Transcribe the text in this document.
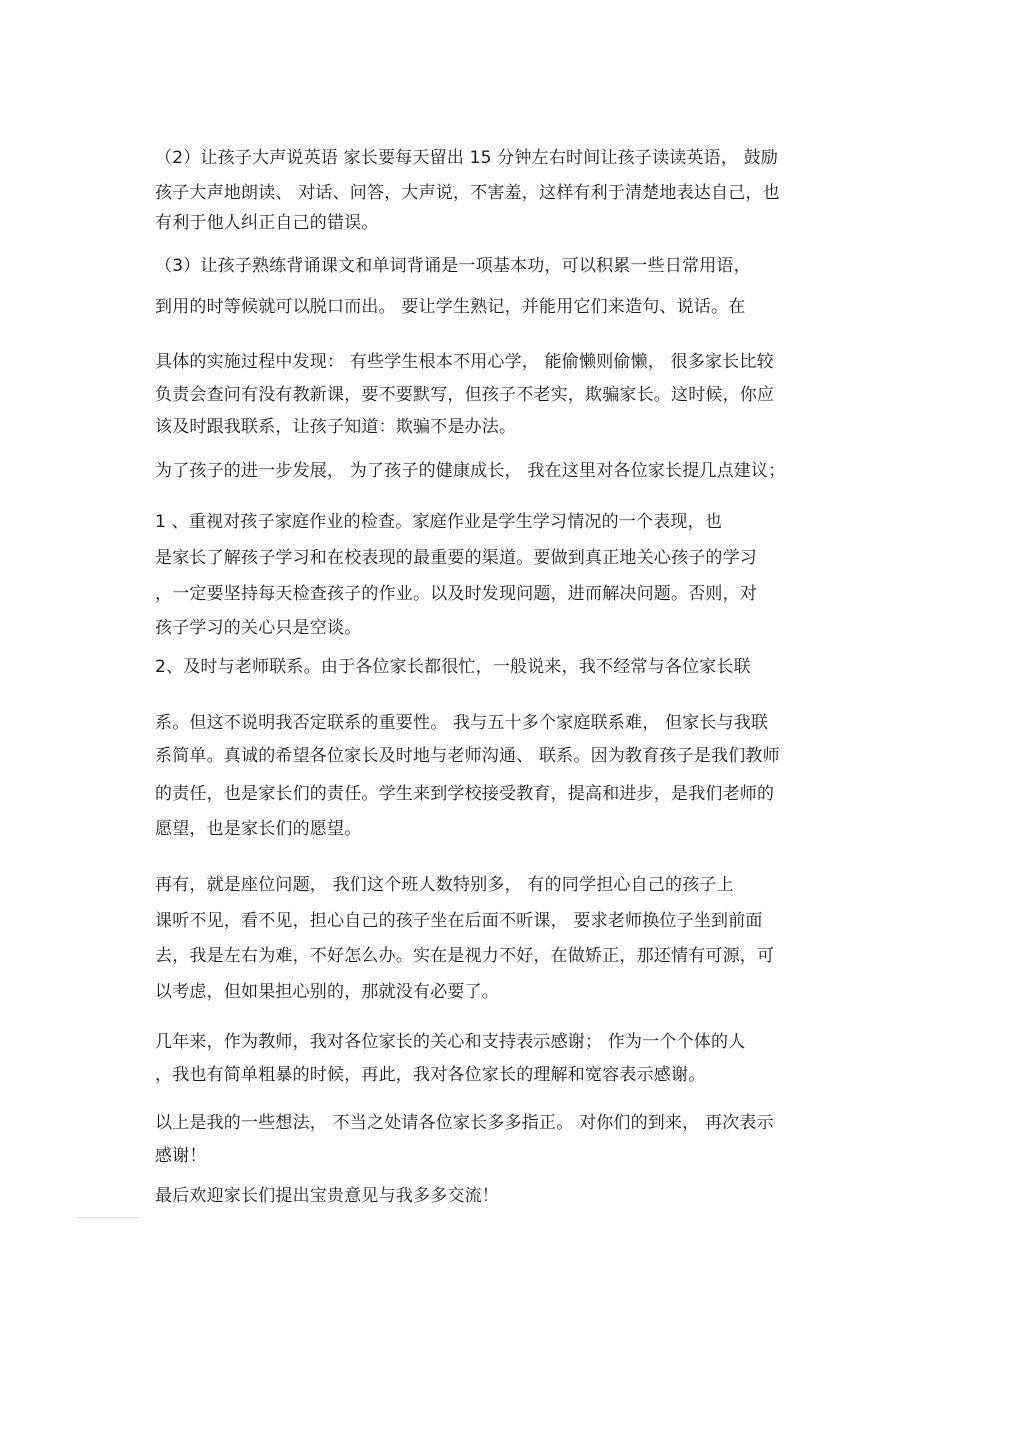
（2）让孩子大声说英语 家长要每天留出 15 分钟左右时间让孩子读读英语， 鼓励
孩子大声地朗读、 对话、问答，大声说，不害羞，这样有利于清楚地表达自己，也
有利于他人纠正自己的错误。
（3）让孩子熟练背诵课文和单词背诵是一项基本功，可以积累一些日常用语，
到用的时等候就可以脱口而出。 要让学生熟记，并能用它们来造句、说话。在
具体的实施过程中发现： 有些学生根本不用心学， 能偷懒则偷懒， 很多家长比较
负责会查问有没有教新课，要不要默写，但孩子不老实，欺骗家长。这时候，你应
该及时跟我联系，让孩子知道：欺骗不是办法。
为了孩子的进一步发展， 为了孩子的健康成长， 我在这里对各位家长提几点建议；
1 、重视对孩子家庭作业的检查。家庭作业是学生学习情况的一个表现，也
是家长了解孩子学习和在校表现的最重要的渠道。要做到真正地关心孩子的学习
，一定要坚持每天检查孩子的作业。以及时发现问题，进而解决问题。否则，对
孩子学习的关心只是空谈。
2、及时与老师联系。由于各位家长都很忙，一般说来，我不经常与各位家长联
系。但这不说明我否定联系的重要性。 我与五十多个家庭联系难， 但家长与我联
系简单。真诚的希望各位家长及时地与老师沟通、 联系。因为教育孩子是我们教师
的责任，也是家长们的责任。学生来到学校接受教育，提高和进步，是我们老师的
愿望，也是家长们的愿望。
再有，就是座位问题， 我们这个班人数特别多， 有的同学担心自己的孩子上
课听不见，看不见，担心自己的孩子坐在后面不听课， 要求老师换位子坐到前面
去，我是左右为难，不好怎么办。实在是视力不好，在做矫正，那还情有可源，可
以考虑，但如果担心别的，那就没有必要了。
几年来，作为教师，我对各位家长的关心和支持表示感谢； 作为一个个体的人
，我也有简单粗暴的时候，再此，我对各位家长的理解和宽容表示感谢。
以上是我的一些想法， 不当之处请各位家长多多指正。 对你们的到来， 再次表示
感谢！
最后欢迎家长们提出宝贵意见与我多多交流！
